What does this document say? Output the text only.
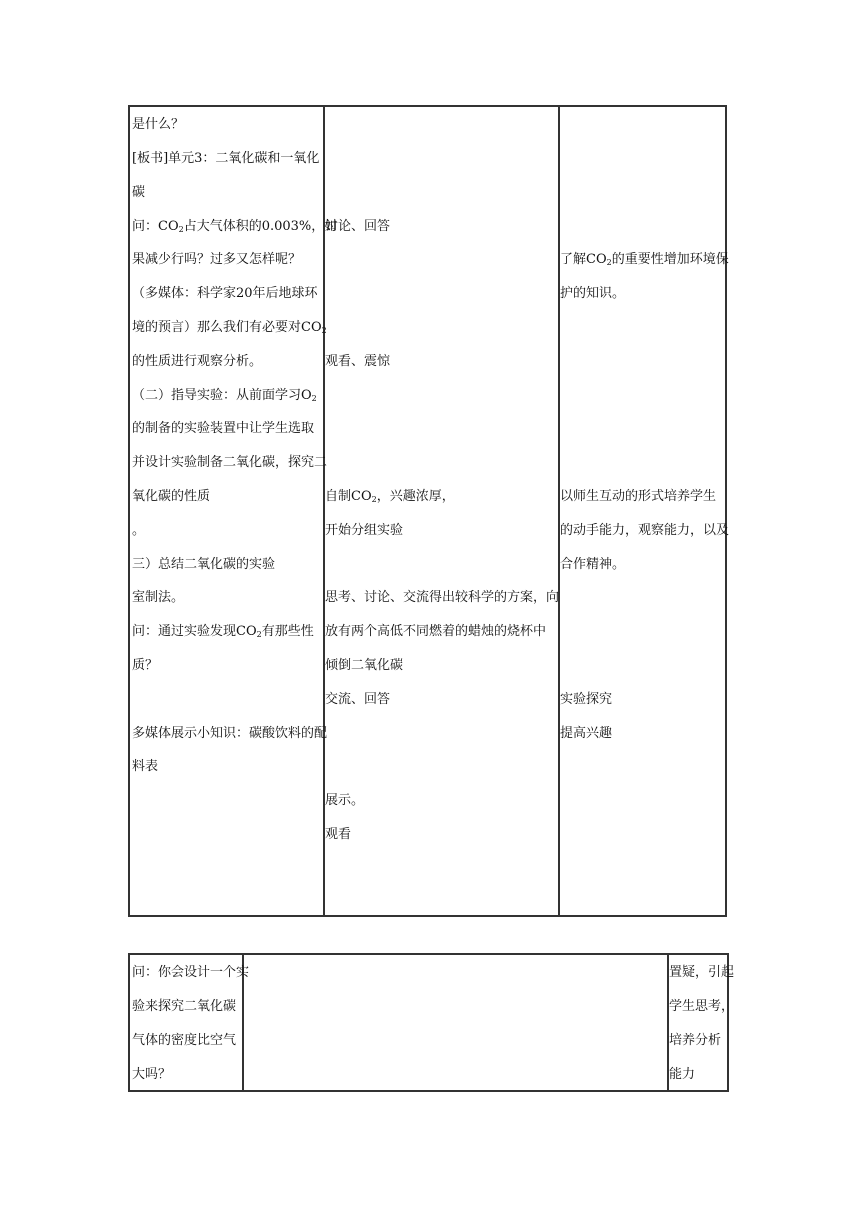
是什么？
[板书]单元3：二氧化碳和一氧化
碳
问：$CO_2$占大气体积的0.003%，如
果减少行吗？过多又怎样呢？
（多媒体：科学家20年后地球环
境的预言）那么我们有必要对$CO_2$
的性质进行观察分析。
（二）指导实验：从前面学习$O_2$
的制备的实验装置中让学生选取
并设计实验制备二氧化碳，探究二
氧化碳的性质
。
三）总结二氧化碳的实验
室制法。
问：通过实验发现$CO_2$有那些性
质？
多媒体展示小知识：碳酸饮料的配
料表
讨论、回答
观看、震惊
自制$CO_2$，兴趣浓厚，
开始分组实验
思考、讨论、交流得出较科学的方案，向
放有两个高低不同燃着的蜡烛的烧杯中
倾倒二氧化碳
交流、回答
展示。
观看
了解$CO_2$的重要性增加环境保
护的知识。
以师生互动的形式培养学生
的动手能力，观察能力，以及
合作精神。
实验探究
提高兴趣
问：你会设计一个实
验来探究二氧化碳
气体的密度比空气
大吗？
置疑，引起
学生思考，
培养分析
能力
